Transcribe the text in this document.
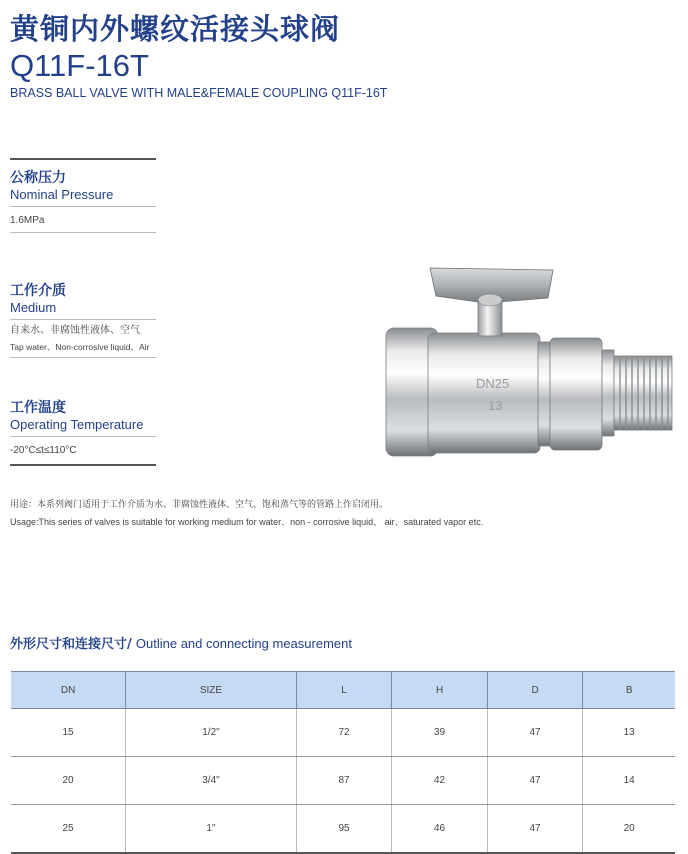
黄铜内外螺纹活接头球阀
Q11F-16T
BRASS BALL VALVE WITH MALE&FEMALE COUPLING Q11F-16T
公称压力
Nominal Pressure
1.6MPa
工作介质
Medium
自来水、非腐蚀性液体、空气
Tap water、Non-corrosive liquid、Air
工作温度
Operating Temperature
-20°C≤t≤110°C
DN25
13
用途：本系列阀门适用于工作介质为水、非腐蚀性液体、空气、饱和蒸气等的管路上作启闭用。
Usage:This series of valves is suitable for working medium for water、non - corrosive liquid、 air、saturated vapor etc.
外形尺寸和连接尺寸/ Outline and connecting measurement
DN	SIZE	L	H	D	B
15	1/2"	72	39	47	13
20	3/4"	87	42	47	14
25	1"	95	46	47	20
